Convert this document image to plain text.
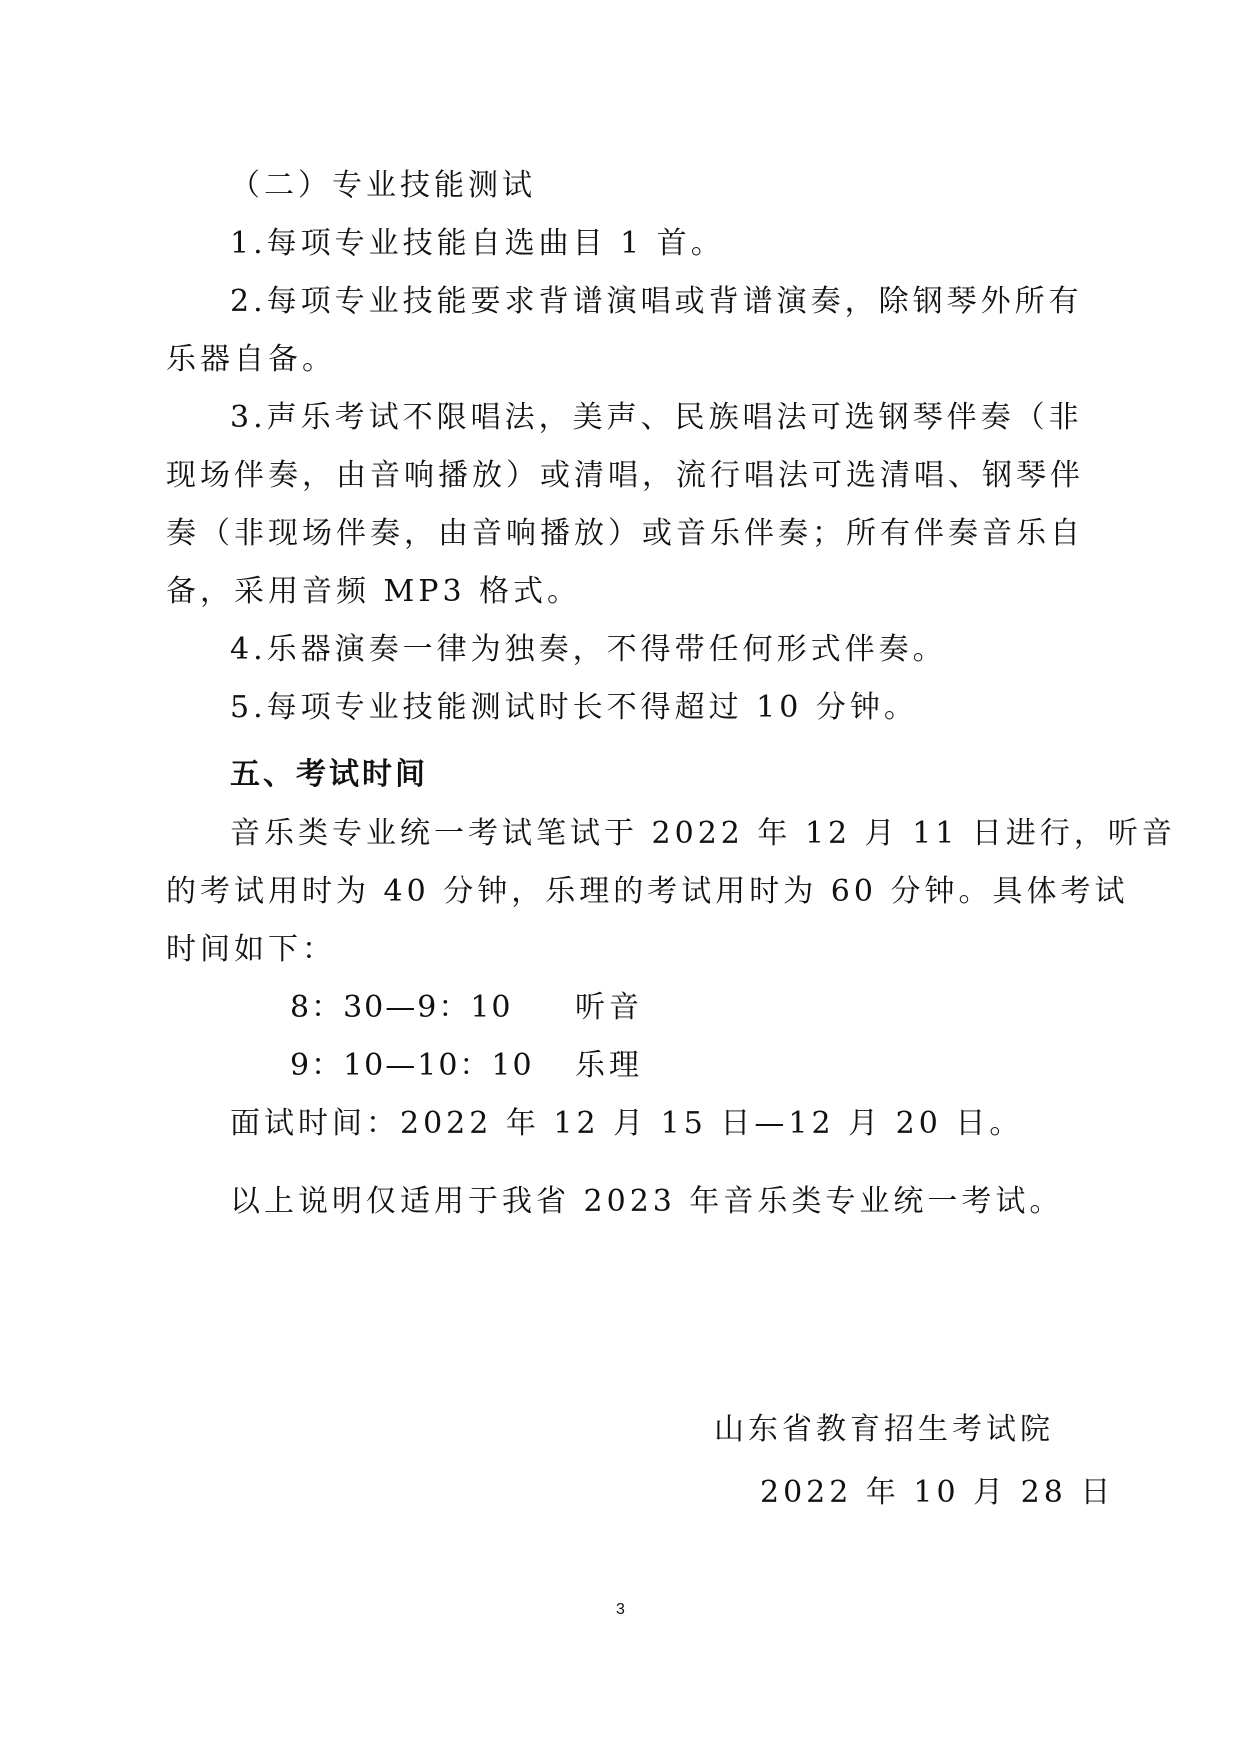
（二）专业技能测试

1.每项专业技能自选曲目 1 首。

2.每项专业技能要求背谱演唱或背谱演奏，除钢琴外所有

乐器自备。

3.声乐考试不限唱法，美声、民族唱法可选钢琴伴奏（非

现场伴奏，由音响播放）或清唱，流行唱法可选清唱、钢琴伴

奏（非现场伴奏，由音响播放）或音乐伴奏；所有伴奏音乐自

备，采用音频 MP3 格式。

4.乐器演奏一律为独奏，不得带任何形式伴奏。

5.每项专业技能测试时长不得超过 10 分钟。

五、考试时间

音乐类专业统一考试笔试于 2022 年 12 月 11 日进行，听音

的考试用时为 40 分钟，乐理的考试用时为 60 分钟。具体考试

时间如下：

8：30—9：10 听音

9：10—10：10 乐理

面试时间：2022 年 12 月 15 日—12 月 20 日。

以上说明仅适用于我省 2023 年音乐类专业统一考试。

山东省教育招生考试院

2022 年 10 月 28 日

3
